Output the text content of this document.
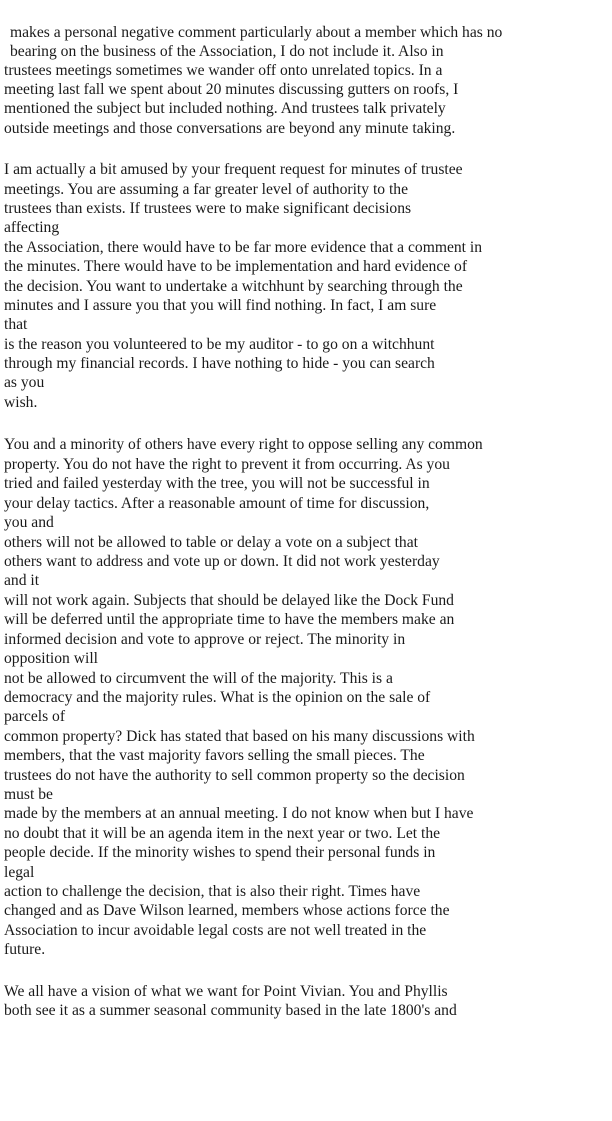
makes a personal negative comment particularly about a member which has no

bearing on the business of the Association, I do not include it. Also in

trustees meetings sometimes we wander off onto unrelated topics. In a

meeting last fall we spent about 20 minutes discussing gutters on roofs, I

mentioned the subject but included nothing. And trustees talk privately

outside meetings and those conversations are beyond any minute taking.

I am actually a bit amused by your frequent request for minutes of trustee

meetings. You are assuming a far greater level of authority to the

trustees than exists. If trustees were to make significant decisions

affecting

the Association, there would have to be far more evidence that a comment in

the minutes. There would have to be implementation and hard evidence of

the decision. You want to undertake a witchhunt by searching through the

minutes and I assure you that you will find nothing. In fact, I am sure

that

is the reason you volunteered to be my auditor - to go on a witchhunt

through my financial records. I have nothing to hide - you can search

as you

wish.

You and a minority of others have every right to oppose selling any common

property. You do not have the right to prevent it from occurring. As you

tried and failed yesterday with the tree, you will not be successful in

your delay tactics. After a reasonable amount of time for discussion,

you and

others will not be allowed to table or delay a vote on a subject that

others want to address and vote up or down. It did not work yesterday

and it

will not work again. Subjects that should be delayed like the Dock Fund

will be deferred until the appropriate time to have the members make an

informed decision and vote to approve or reject. The minority in

opposition will

not be allowed to circumvent the will of the majority. This is a

democracy and the majority rules. What is the opinion on the sale of

parcels of

common property? Dick has stated that based on his many discussions with

members, that the vast majority favors selling the small pieces. The

trustees do not have the authority to sell common property so the decision

must be

made by the members at an annual meeting. I do not know when but I have

no doubt that it will be an agenda item in the next year or two. Let the

people decide. If the minority wishes to spend their personal funds in

legal

action to challenge the decision, that is also their right. Times have

changed and as Dave Wilson learned, members whose actions force the

Association to incur avoidable legal costs are not well treated in the

future.

We all have a vision of what we want for Point Vivian. You and Phyllis

both see it as a summer seasonal community based in the late 1800's and
